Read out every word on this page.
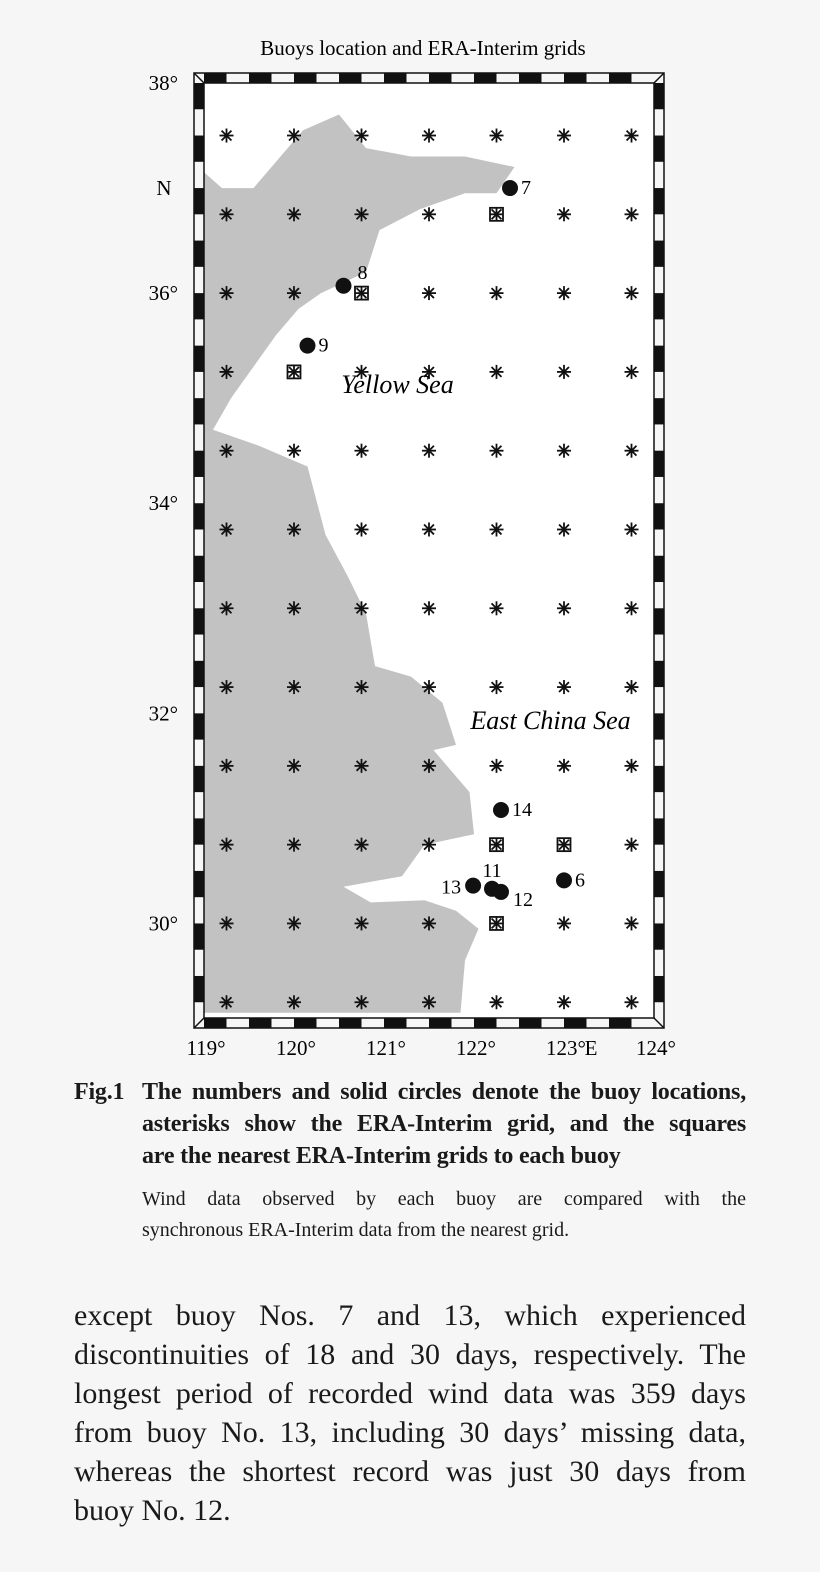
Buoys location and ERA-Interim grids
7
8
9
14
13
11
12
6
Yellow Sea
East China Sea
119° 120° 121° 122° 123° 124°
E
38°
36°
34°
32°
30°
N
Fig.1 The numbers and solid circles denote the buoy locations,
asterisks show the ERA-Interim grid, and the squares
are the nearest ERA-Interim grids to each buoy
Wind data observed by each buoy are compared with the
synchronous ERA-Interim data from the nearest grid.
except buoy Nos. 7 and 13, which experienced
discontinuities of 18 and 30 days, respectively. The
longest period of recorded wind data was 359 days
from buoy No. 13, including 30 days’ missing data,
whereas the shortest record was just 30 days from
buoy No. 12.
